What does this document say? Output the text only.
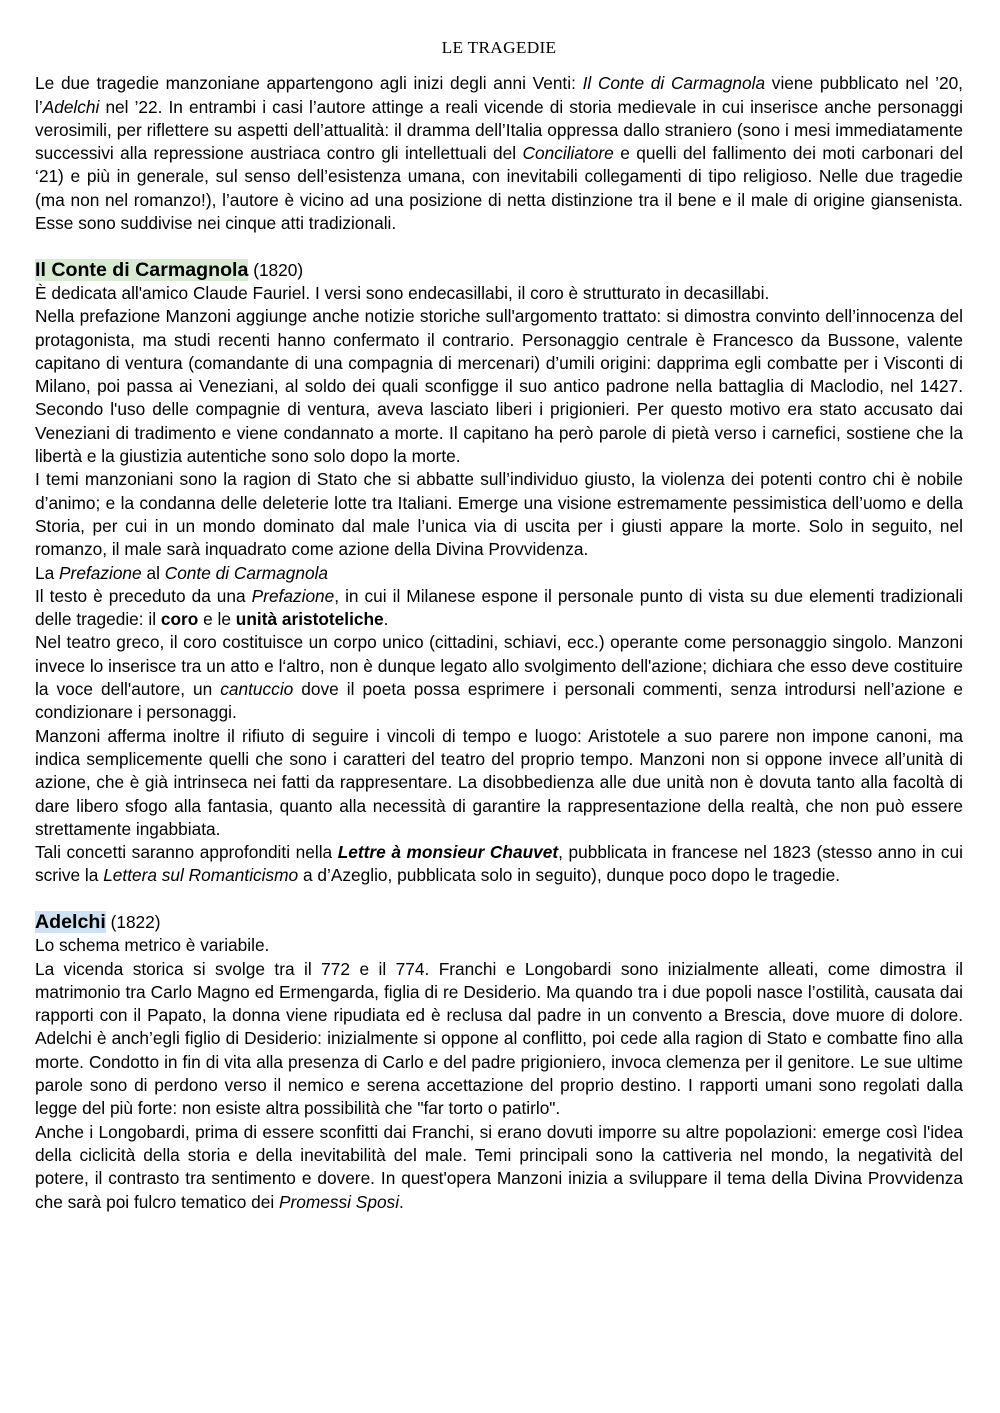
LE TRAGEDIE

Le due tragedie manzoniane appartengono agli inizi degli anni Venti: Il Conte di Carmagnola viene pubblicato nel ’20, l’Adelchi nel ’22. In entrambi i casi l’autore attinge a reali vicende di storia medievale in cui inserisce anche personaggi verosimili, per riflettere su aspetti dell’attualità: il dramma dell’Italia oppressa dallo straniero (sono i mesi immediatamente successivi alla repressione austriaca contro gli intellettuali del Conciliatore e quelli del fallimento dei moti carbonari del ‘21) e più in generale, sul senso dell’esistenza umana, con inevitabili collegamenti di tipo religioso. Nelle due tragedie (ma non nel romanzo!), l’autore è vicino ad una posizione di netta distinzione tra il bene e il male di origine giansenista. Esse sono suddivise nei cinque atti tradizionali.

Il Conte di Carmagnola (1820)

È dedicata all'amico Claude Fauriel. I versi sono endecasillabi, il coro è strutturato in decasillabi.

Nella prefazione Manzoni aggiunge anche notizie storiche sull'argomento trattato: si dimostra convinto dell’innocenza del protagonista, ma studi recenti hanno confermato il contrario. Personaggio centrale è Francesco da Bussone, valente capitano di ventura (comandante di una compagnia di mercenari) d’umili origini: dapprima egli combatte per i Visconti di Milano, poi passa ai Veneziani, al soldo dei quali sconfigge il suo antico padrone nella battaglia di Maclodio, nel 1427. Secondo l'uso delle compagnie di ventura, aveva lasciato liberi i prigionieri. Per questo motivo era stato accusato dai Veneziani di tradimento e viene condannato a morte. Il capitano ha però parole di pietà verso i carnefici, sostiene che la libertà e la giustizia autentiche sono solo dopo la morte.

I temi manzoniani sono la ragion di Stato che si abbatte sull’individuo giusto, la violenza dei potenti contro chi è nobile d’animo; e la condanna delle deleterie lotte tra Italiani. Emerge una visione estremamente pessimistica dell’uomo e della Storia, per cui in un mondo dominato dal male l’unica via di uscita per i giusti appare la morte. Solo in seguito, nel romanzo, il male sarà inquadrato come azione della Divina Provvidenza.

La Prefazione al Conte di Carmagnola

Il testo è preceduto da una Prefazione, in cui il Milanese espone il personale punto di vista su due elementi tradizionali delle tragedie: il coro e le unità aristoteliche.

Nel teatro greco, il coro costituisce un corpo unico (cittadini, schiavi, ecc.) operante come personaggio singolo. Manzoni invece lo inserisce tra un atto e l‘altro, non è dunque legato allo svolgimento dell'azione; dichiara che esso deve costituire la voce dell'autore, un cantuccio dove il poeta possa esprimere i personali commenti, senza introdursi nell’azione e condizionare i personaggi.

Manzoni afferma inoltre il rifiuto di seguire i vincoli di tempo e luogo: Aristotele a suo parere non impone canoni, ma indica semplicemente quelli che sono i caratteri del teatro del proprio tempo. Manzoni non si oppone invece all’unità di azione, che è già intrinseca nei fatti da rappresentare. La disobbedienza alle due unità non è dovuta tanto alla facoltà di dare libero sfogo alla fantasia, quanto alla necessità di garantire la rappresentazione della realtà, che non può essere strettamente ingabbiata.

Tali concetti saranno approfonditi nella Lettre à monsieur Chauvet, pubblicata in francese nel 1823 (stesso anno in cui scrive la Lettera sul Romanticismo a d’Azeglio, pubblicata solo in seguito), dunque poco dopo le tragedie.

Adelchi (1822)

Lo schema metrico è variabile.

La vicenda storica si svolge tra il 772 e il 774. Franchi e Longobardi sono inizialmente alleati, come dimostra il matrimonio tra Carlo Magno ed Ermengarda, figlia di re Desiderio. Ma quando tra i due popoli nasce l’ostilità, causata dai rapporti con il Papato, la donna viene ripudiata ed è reclusa dal padre in un convento a Brescia, dove muore di dolore. Adelchi è anch’egli figlio di Desiderio: inizialmente si oppone al conflitto, poi cede alla ragion di Stato e combatte fino alla morte. Condotto in fin di vita alla presenza di Carlo e del padre prigioniero, invoca clemenza per il genitore. Le sue ultime parole sono di perdono verso il nemico e serena accettazione del proprio destino. I rapporti umani sono regolati dalla legge del più forte: non esiste altra possibilità che "far torto o patirlo".

Anche i Longobardi, prima di essere sconfitti dai Franchi, si erano dovuti imporre su altre popolazioni: emerge così l'idea della ciclicità della storia e della inevitabilità del male. Temi principali sono la cattiveria nel mondo, la negatività del potere, il contrasto tra sentimento e dovere. In quest'opera Manzoni inizia a sviluppare il tema della Divina Provvidenza che sarà poi fulcro tematico dei Promessi Sposi.
